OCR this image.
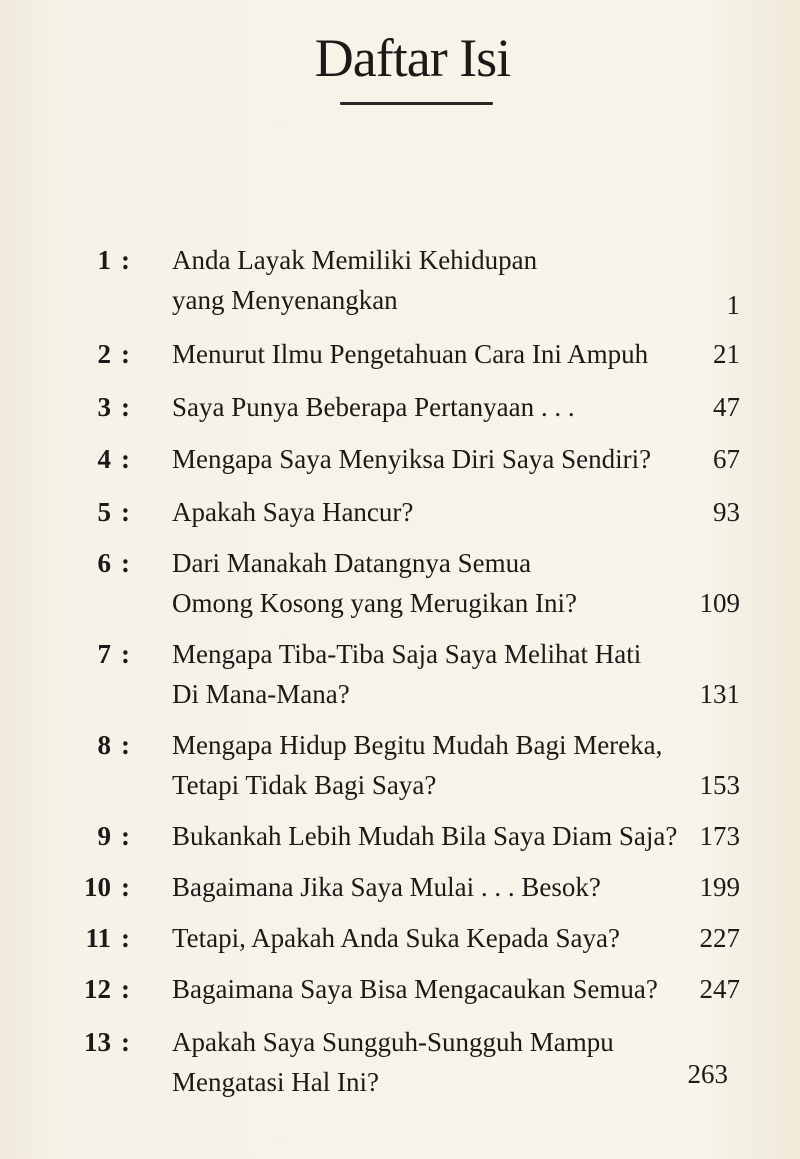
Daftar Isi
1 : Anda Layak Memiliki Kehidupan
yang Menyenangkan	1
2 : Menurut Ilmu Pengetahuan Cara Ini Ampuh 21
3 : Saya Punya Beberapa Pertanyaan . . .	47
4 : Mengapa Saya Menyiksa Diri Saya Sendiri? 67
5 : Apakah Saya Hancur?	93
6 : Dari Manakah Datangnya Semua
Omong Kosong yang Merugikan Ini?	109
7 : Mengapa Tiba-Tiba Saja Saya Melihat Hati
Di Mana-Mana?	131
8 : Mengapa Hidup Begitu Mudah Bagi Mereka,
Tetapi Tidak Bagi Saya?	153
9 : Bukankah Lebih Mudah Bila Saya Diam Saja? 173
10 : Bagaimana Jika Saya Mulai . . . Besok?	199
11 : Tetapi, Apakah Anda Suka Kepada Saya?	227
12 : Bagaimana Saya Bisa Mengacaukan Semua? 247
13 : Apakah Saya Sungguh-Sungguh Mampu
Mengatasi Hal Ini?	263
